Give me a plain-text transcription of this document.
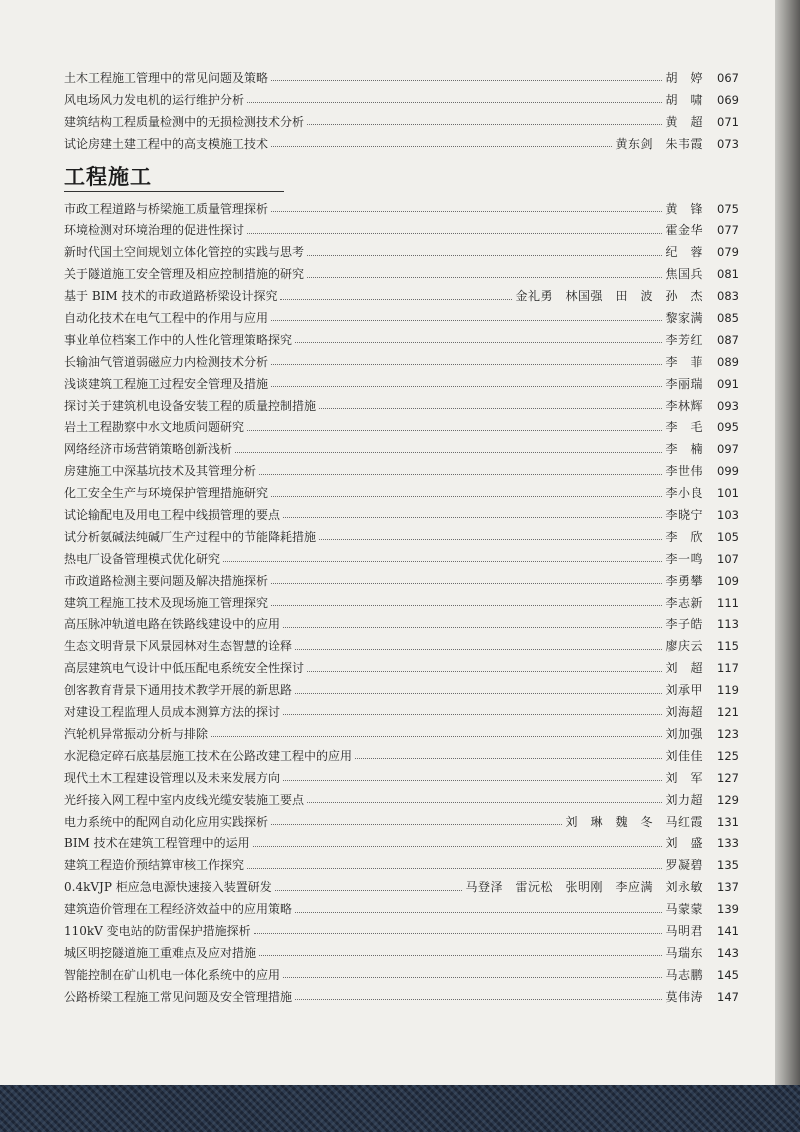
土木工程施工管理中的常见问题及策略	胡　婷	067
风电场风力发电机的运行维护分析	胡　啸	069
建筑结构工程质量检测中的无损检测技术分析	黄　超	071
试论房建土建工程中的高支模施工技术	黄东剑　朱韦霞	073
工程施工
市政工程道路与桥梁施工质量管理探析	黄　锋	075
环境检测对环境治理的促进性探讨	霍金华	077
新时代国土空间规划立体化管控的实践与思考	纪　蓉	079
关于隧道施工安全管理及相应控制措施的研究	焦国兵	081
基于 BIM 技术的市政道路桥梁设计探究	金礼勇　林国强　田　波　孙　杰	083
自动化技术在电气工程中的作用与应用	黎家满	085
事业单位档案工作中的人性化管理策略探究	李芳红	087
长输油气管道弱磁应力内检测技术分析	李　菲	089
浅谈建筑工程施工过程安全管理及措施	李丽瑞	091
探讨关于建筑机电设备安装工程的质量控制措施	李林辉	093
岩土工程勘察中水文地质问题研究	李　毛	095
网络经济市场营销策略创新浅析	李　楠	097
房建施工中深基坑技术及其管理分析	李世伟	099
化工安全生产与环境保护管理措施研究	李小良	101
试论输配电及用电工程中线损管理的要点	李晓宁	103
试分析氨碱法纯碱厂生产过程中的节能降耗措施	李　欣	105
热电厂设备管理模式优化研究	李一鸣	107
市政道路检测主要问题及解决措施探析	李勇攀	109
建筑工程施工技术及现场施工管理探究	李志新	111
高压脉冲轨道电路在铁路线建设中的应用	李子皓	113
生态文明背景下风景园林对生态智慧的诠释	廖庆云	115
高层建筑电气设计中低压配电系统安全性探讨	刘　超	117
创客教育背景下通用技术教学开展的新思路	刘承甲	119
对建设工程监理人员成本测算方法的探讨	刘海超	121
汽轮机异常振动分析与排除	刘加强	123
水泥稳定碎石底基层施工技术在公路改建工程中的应用	刘佳佳	125
现代土木工程建设管理以及未来发展方向	刘　军	127
光纤接入网工程中室内皮线光缆安装施工要点	刘力超	129
电力系统中的配网自动化应用实践探析	刘　琳　魏　冬　马红霞	131
BIM 技术在建筑工程管理中的运用	刘　盛	133
建筑工程造价预结算审核工作探究	罗凝碧	135
0.4kVJP 柜应急电源快速接入装置研发	马登泽　雷沅松　张明刚　李应满　刘永敏	137
建筑造价管理在工程经济效益中的应用策略	马蒙蒙	139
110kV 变电站的防雷保护措施探析	马明君	141
城区明挖隧道施工重难点及应对措施	马瑞东	143
智能控制在矿山机电一体化系统中的应用	马志鹏	145
公路桥梁工程施工常见问题及安全管理措施	莫伟涛	147
